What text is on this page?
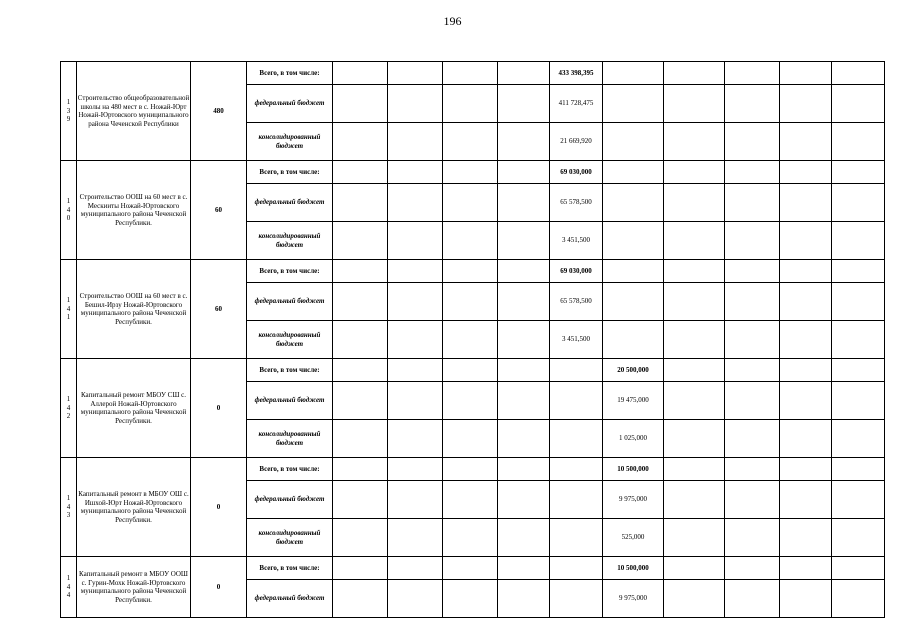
196
1
3
9	Строительство общеобразовательной школы на 480 мест в с. Ножай-Юрт Ножай-Юртовского муниципального района Чеченской Республики	480	Всего, в том числе:					433 398,395					
			федеральный бюджет					411 728,475					
			консолидированный бюджет					21 669,920					

1
4
0	Строительство ООШ на 60 мест в с. Мескииты Ножай-Юртовского муниципального района Чеченской Республики.	60	Всего, в том числе:					69 030,000					
			федеральный бюджет					65 578,500					
			консолидированный бюджет					3 451,500					

1
4
1	Строительство ООШ на 60 мест в с. Бешил-Ирзу Ножай-Юртовского муниципального района Чеченской Республики.	60	Всего, в том числе:					69 030,000					
			федеральный бюджет					65 578,500					
			консолидированный бюджет					3 451,500					

1
4
2	Капитальный ремонт МБОУ СШ с. Аллерой Ножай-Юртовского муниципального района Чеченской Республики.	0	Всего, в том числе:						20 500,000				
			федеральный бюджет						19 475,000				
			консолидированный бюджет						1 025,000				

1
4
3	Капитальный ремонт в МБОУ ОШ с. Ишхой-Юрт Ножай-Юртовского муниципального района Чеченской Республики.	0	Всего, в том числе:						10 500,000				
			федеральный бюджет						9 975,000				
			консолидированный бюджет						525,000				

1
4
4	Капитальный ремонт в МБОУ ООШ с. Гурин-Мохк Ножай-Юртовского муниципального района Чеченской Республики.	0	Всего, в том числе:						10 500,000				
			федеральный бюджет						9 975,000				
